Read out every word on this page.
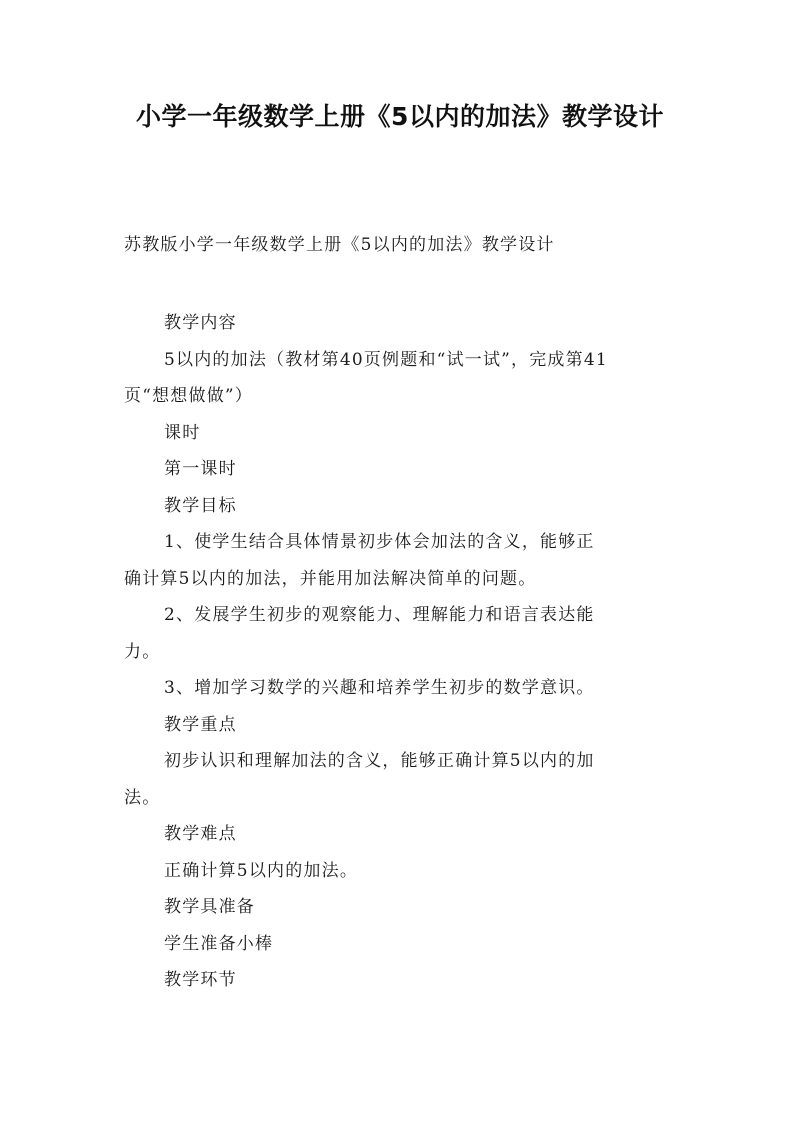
小学一年级数学上册《5以内的加法》教学设计
苏教版小学一年级数学上册《5以内的加法》教学设计
教学内容
5以内的加法（教材第40页例题和“试一试”，完成第41
页“想想做做”）
课时
第一课时
教学目标
1、使学生结合具体情景初步体会加法的含义，能够正
确计算5以内的加法，并能用加法解决简单的问题。
2、发展学生初步的观察能力、理解能力和语言表达能
力。
3、增加学习数学的兴趣和培养学生初步的数学意识。
教学重点
初步认识和理解加法的含义，能够正确计算5以内的加
法。
教学难点
正确计算5以内的加法。
教学具准备
学生准备小棒
教学环节
